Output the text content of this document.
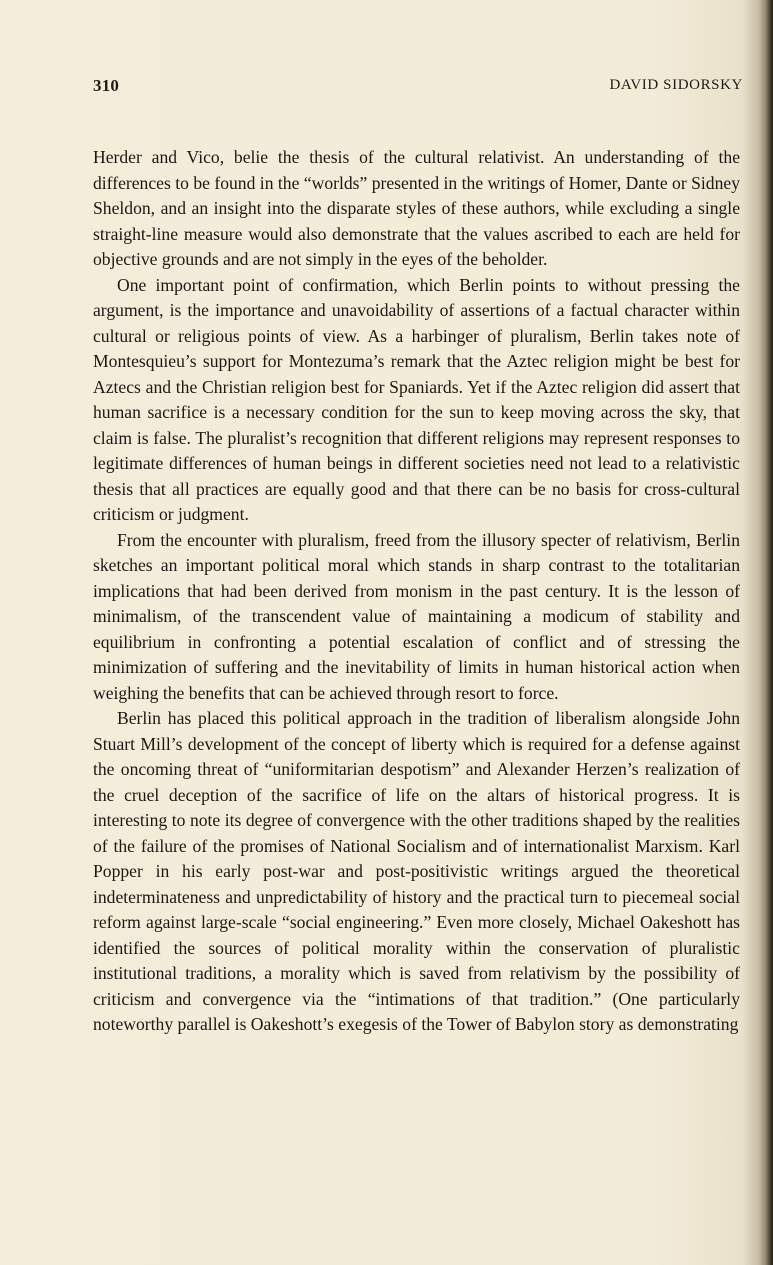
310	DAVID SIDORSKY

Herder and Vico, belie the thesis of the cultural relativist. An understanding of the differences to be found in the “worlds” presented in the writings of Homer, Dante or Sidney Sheldon, and an insight into the disparate styles of these authors, while excluding a single straight-line measure would also demonstrate that the values ascribed to each are held for objective grounds and are not simply in the eyes of the beholder.

One important point of confirmation, which Berlin points to without pressing the argument, is the importance and unavoidability of assertions of a factual character within cultural or religious points of view. As a harbinger of pluralism, Berlin takes note of Montesquieu’s support for Montezuma’s remark that the Aztec religion might be best for Aztecs and the Christian religion best for Spaniards. Yet if the Aztec religion did assert that human sacrifice is a necessary condition for the sun to keep moving across the sky, that claim is false. The pluralist’s recognition that different religions may represent responses to legitimate differences of human beings in different societies need not lead to a relativistic thesis that all practices are equally good and that there can be no basis for cross-cultural criticism or judgment.

From the encounter with pluralism, freed from the illusory specter of relativism, Berlin sketches an important political moral which stands in sharp contrast to the totalitarian implications that had been derived from monism in the past century. It is the lesson of minimalism, of the transcendent value of maintaining a modicum of stability and equilibrium in confronting a potential escalation of conflict and of stressing the minimization of suffering and the inevitability of limits in human historical action when weighing the benefits that can be achieved through resort to force.

Berlin has placed this political approach in the tradition of liberalism alongside John Stuart Mill’s development of the concept of liberty which is required for a defense against the oncoming threat of “uniformitarian despotism” and Alexander Herzen’s realization of the cruel deception of the sacrifice of life on the altars of historical progress. It is interesting to note its degree of convergence with the other traditions shaped by the realities of the failure of the promises of National Socialism and of internationalist Marxism. Karl Popper in his early post-war and post-positivistic writings argued the theoretical indeterminateness and unpredictability of history and the practical turn to piecemeal social reform against large-scale “social engineering.” Even more closely, Michael Oakeshott has identified the sources of political morality within the conservation of pluralistic institutional traditions, a morality which is saved from relativism by the possibility of criticism and convergence via the “intimations of that tradition.” (One particularly noteworthy parallel is Oakeshott’s exegesis of the Tower of Babylon story as demonstrating
